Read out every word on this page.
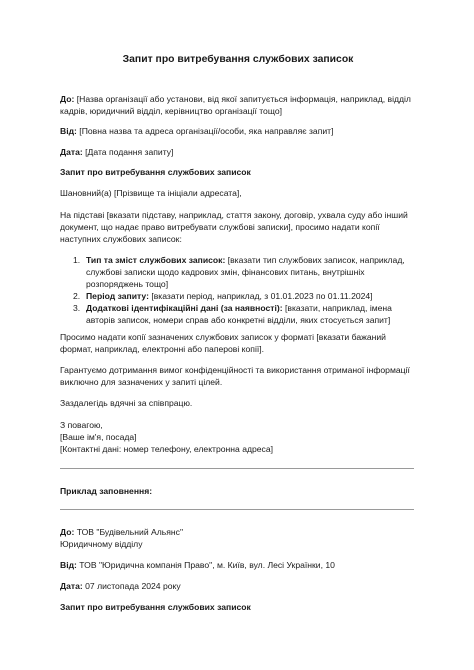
Запит про витребування службових записок

До: [Назва організації або установи, від якої запитується інформація, наприклад, відділ кадрів, юридичний відділ, керівництво організації тощо]

Від: [Повна назва та адреса організації/особи, яка направляє запит]

Дата: [Дата подання запиту]

Запит про витребування службових записок

Шановний(а) [Прізвище та ініціали адресата],

На підставі [вказати підставу, наприклад, стаття закону, договір, ухвала суду або інший документ, що надає право витребувати службові записки], просимо надати копії наступних службових записок:

1. Тип та зміст службових записок: [вказати тип службових записок, наприклад, службові записки щодо кадрових змін, фінансових питань, внутрішніх розпоряджень тощо]
2. Період запиту: [вказати період, наприклад, з 01.01.2023 по 01.11.2024]
3. Додаткові ідентифікаційні дані (за наявності): [вказати, наприклад, імена авторів записок, номери справ або конкретні відділи, яких стосується запит]

Просимо надати копії зазначених службових записок у форматі [вказати бажаний формат, наприклад, електронні або паперові копії].

Гарантуємо дотримання вимог конфіденційності та використання отриманої інформації виключно для зазначених у запиті цілей.

Заздалегідь вдячні за співпрацю.

З повагою,

[Ваше ім'я, посада]

[Контактні дані: номер телефону, електронна адреса]

Приклад заповнення:

До: ТОВ "Будівельний Альянс"

Юридичному відділу

Від: ТОВ "Юридична компанія Право", м. Київ, вул. Лесі Українки, 10

Дата: 07 листопада 2024 року

Запит про витребування службових записок
